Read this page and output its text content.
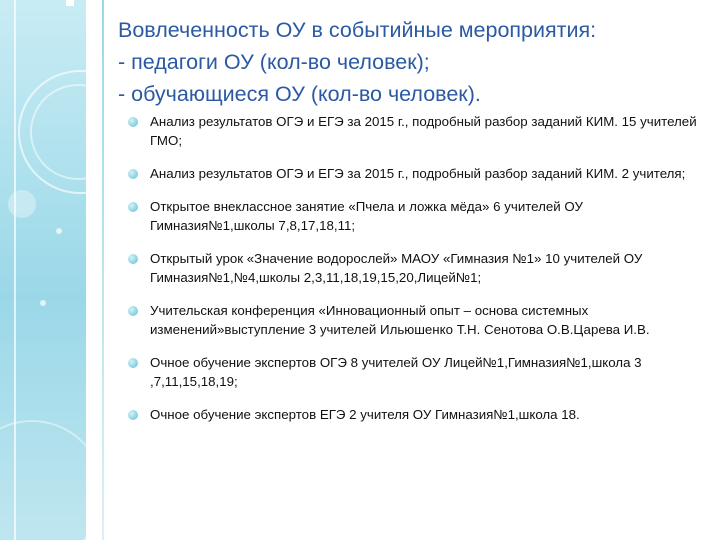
Вовлеченность ОУ в событийные мероприятия:
- педагоги ОУ (кол-во человек);
- обучающиеся ОУ (кол-во человек).
Анализ результатов ОГЭ и ЕГЭ за 2015 г., подробный разбор заданий КИМ. 15 учителей ГМО;
Анализ результатов ОГЭ и ЕГЭ за 2015 г., подробный разбор заданий КИМ. 2 учителя;
Открытое внеклассное занятие «Пчела и ложка мёда» 6 учителей ОУ Гимназия№1,школы 7,8,17,18,11;
Открытый урок «Значение водорослей» МАОУ «Гимназия №1» 10 учителей ОУ Гимназия№1,№4,школы 2,3,11,18,19,15,20,Лицей№1;
Учительская конференция «Инновационный опыт – основа системных изменений»выступление 3 учителей Ильюшенко Т.Н. Сенотова О.В.Царева И.В.
Очное обучение экспертов ОГЭ 8 учителей ОУ Лицей№1,Гимназия№1,школа 3 ,7,11,15,18,19;
Очное обучение экспертов ЕГЭ 2 учителя ОУ Гимназия№1,школа 18.
